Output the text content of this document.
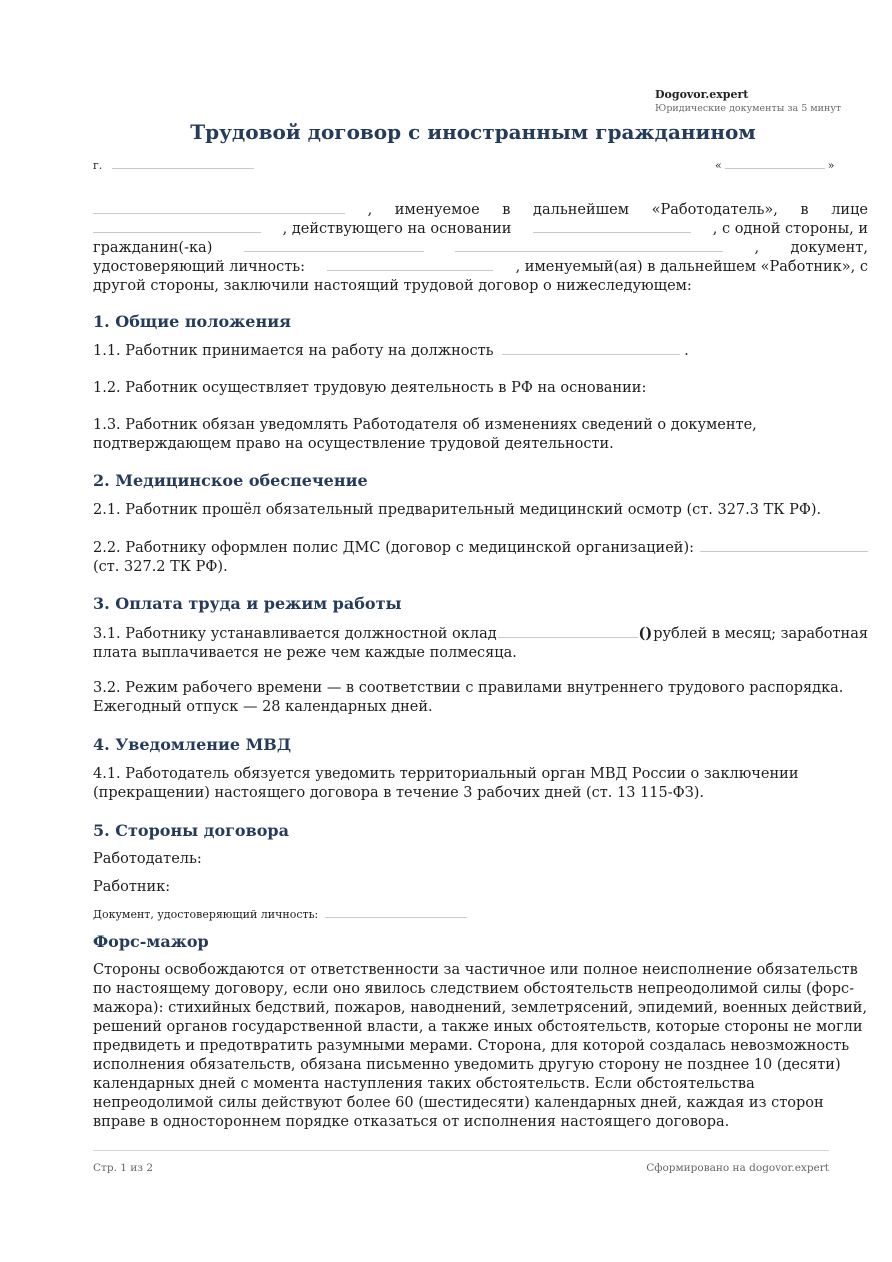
Dogovor.expert
Юридические документы за 5 минут
Трудовой договор с иностранным гражданином
г.	«	»
, именуемое в дальнейшем «Работодатель», в лице
, действующего на основании	, с одной стороны, и
гражданин(-ка)	, документ,
удостоверяющий личность:	, именуемый(ая) в дальнейшем «Работник», с
другой стороны, заключили настоящий трудовой договор о нижеследующем:
1. Общие положения
1.1. Работник принимается на работу на должность	.
1.2. Работник осуществляет трудовую деятельность в РФ на основании:
1.3. Работник обязан уведомлять Работодателя об изменениях сведений о документе, подтверждающем право на осуществление трудовой деятельности.
2. Медицинское обеспечение
2.1. Работник прошёл обязательный предварительный медицинский осмотр (ст. 327.3 ТК РФ).
2.2. Работнику оформлен полис ДМС (договор с медицинской организацией):
(ст. 327.2 ТК РФ).
3. Оплата труда и режим работы
3.1. Работнику устанавливается должностной оклад	() рублей в месяц; заработная
плата выплачивается не реже чем каждые полмесяца.
3.2. Режим рабочего времени — в соответствии с правилами внутреннего трудового распорядка. Ежегодный отпуск — 28 календарных дней.
4. Уведомление МВД
4.1. Работодатель обязуется уведомить территориальный орган МВД России о заключении (прекращении) настоящего договора в течение 3 рабочих дней (ст. 13 115-ФЗ).
5. Стороны договора
Работодатель:
Работник:
Документ, удостоверяющий личность:
Форс-мажор
Стороны освобождаются от ответственности за частичное или полное неисполнение обязательств по настоящему договору, если оно явилось следствием обстоятельств непреодолимой силы (форс-мажора): стихийных бедствий, пожаров, наводнений, землетрясений, эпидемий, военных действий, решений органов государственной власти, а также иных обстоятельств, которые стороны не могли предвидеть и предотвратить разумными мерами. Сторона, для которой создалась невозможность исполнения обязательств, обязана письменно уведомить другую сторону не позднее 10 (десяти) календарных дней с момента наступления таких обстоятельств. Если обстоятельства непреодолимой силы действуют более 60 (шестидесяти) календарных дней, каждая из сторон вправе в одностороннем порядке отказаться от исполнения настоящего договора.
Стр. 1 из 2	Сформировано на dogovor.expert
